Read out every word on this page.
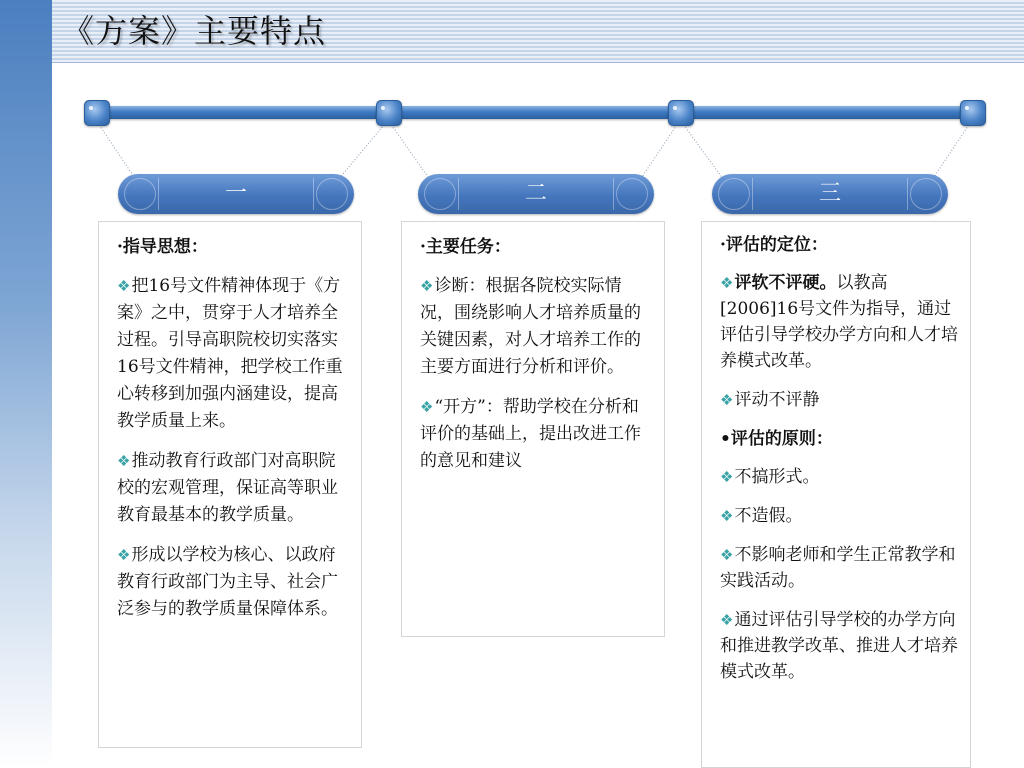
《方案》主要特点
一	二	三

·指导思想：

❖把16号文件精神体现于《方案》之中，贯穿于人才培养全过程。引导高职院校切实落实16号文件精神，把学校工作重心转移到加强内涵建设，提高教学质量上来。

❖推动教育行政部门对高职院校的宏观管理，保证高等职业教育最基本的教学质量。

❖形成以学校为核心、以政府教育行政部门为主导、社会广泛参与的教学质量保障体系。

·主要任务：

❖诊断：根据各院校实际情况，围绕影响人才培养质量的关键因素，对人才培养工作的主要方面进行分析和评价。

❖“开方”：帮助学校在分析和评价的基础上，提出改进工作的意见和建议

·评估的定位：

❖评软不评硬。以教高[2006]16号文件为指导，通过评估引导学校办学方向和人才培养模式改革。

❖评动不评静

•评估的原则：

❖不搞形式。

❖不造假。

❖不影响老师和学生正常教学和实践活动。

❖通过评估引导学校的办学方向和推进教学改革、推进人才培养模式改革。
